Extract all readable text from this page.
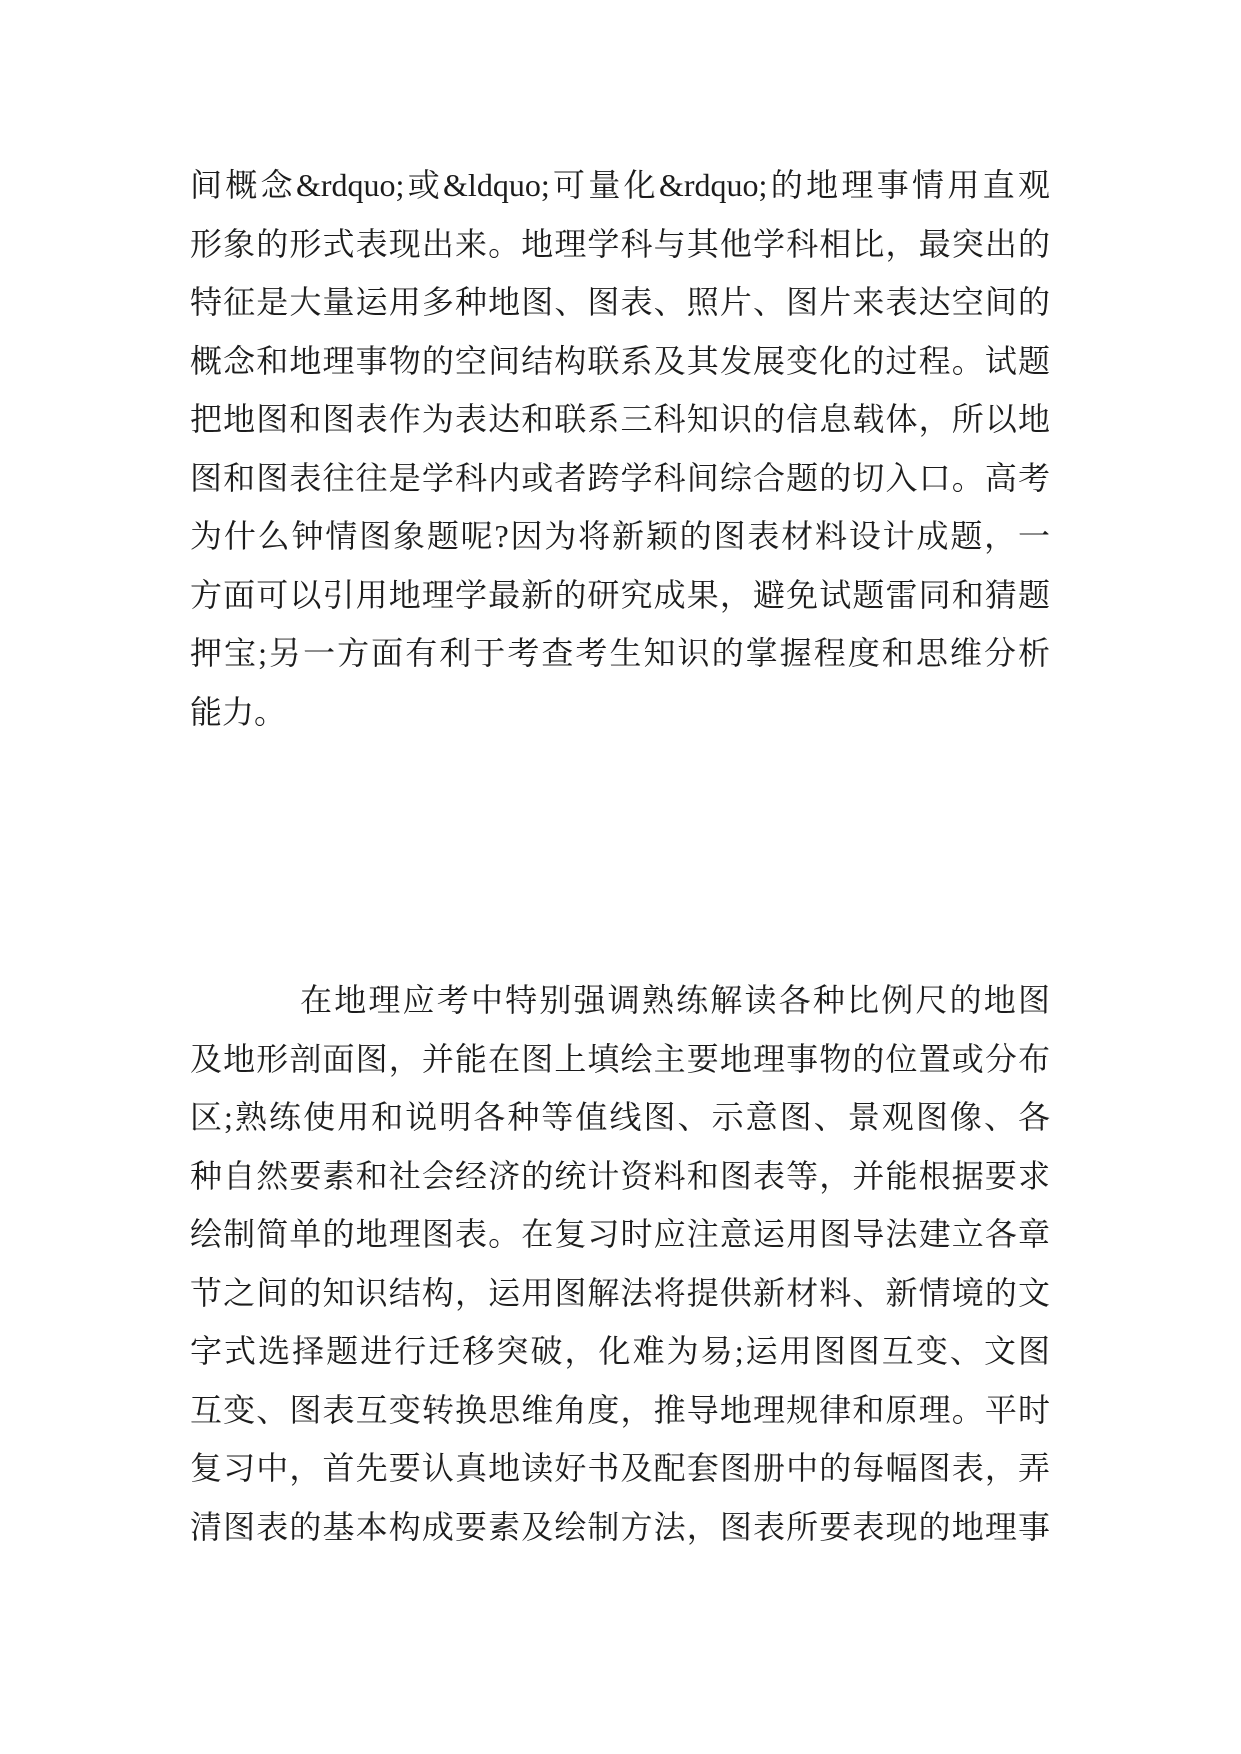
间概念&rdquo;或&ldquo;可量化&rdquo;的地理事情用直观
形象的形式表现出来。地理学科与其他学科相比，最突出的
特征是大量运用多种地图、图表、照片、图片来表达空间的
概念和地理事物的空间结构联系及其发展变化的过程。试题
把地图和图表作为表达和联系三科知识的信息载体，所以地
图和图表往往是学科内或者跨学科间综合题的切入口。高考
为什么钟情图象题呢?因为将新颖的图表材料设计成题，一
方面可以引用地理学最新的研究成果，避免试题雷同和猜题
押宝;另一方面有利于考查考生知识的掌握程度和思维分析
能力。
在地理应考中特别强调熟练解读各种比例尺的地图
及地形剖面图，并能在图上填绘主要地理事物的位置或分布
区;熟练使用和说明各种等值线图、示意图、景观图像、各
种自然要素和社会经济的统计资料和图表等，并能根据要求
绘制简单的地理图表。在复习时应注意运用图导法建立各章
节之间的知识结构，运用图解法将提供新材料、新情境的文
字式选择题进行迁移突破，化难为易;运用图图互变、文图
互变、图表互变转换思维角度，推导地理规律和原理。平时
复习中，首先要认真地读好书及配套图册中的每幅图表，弄
清图表的基本构成要素及绘制方法，图表所要表现的地理事
